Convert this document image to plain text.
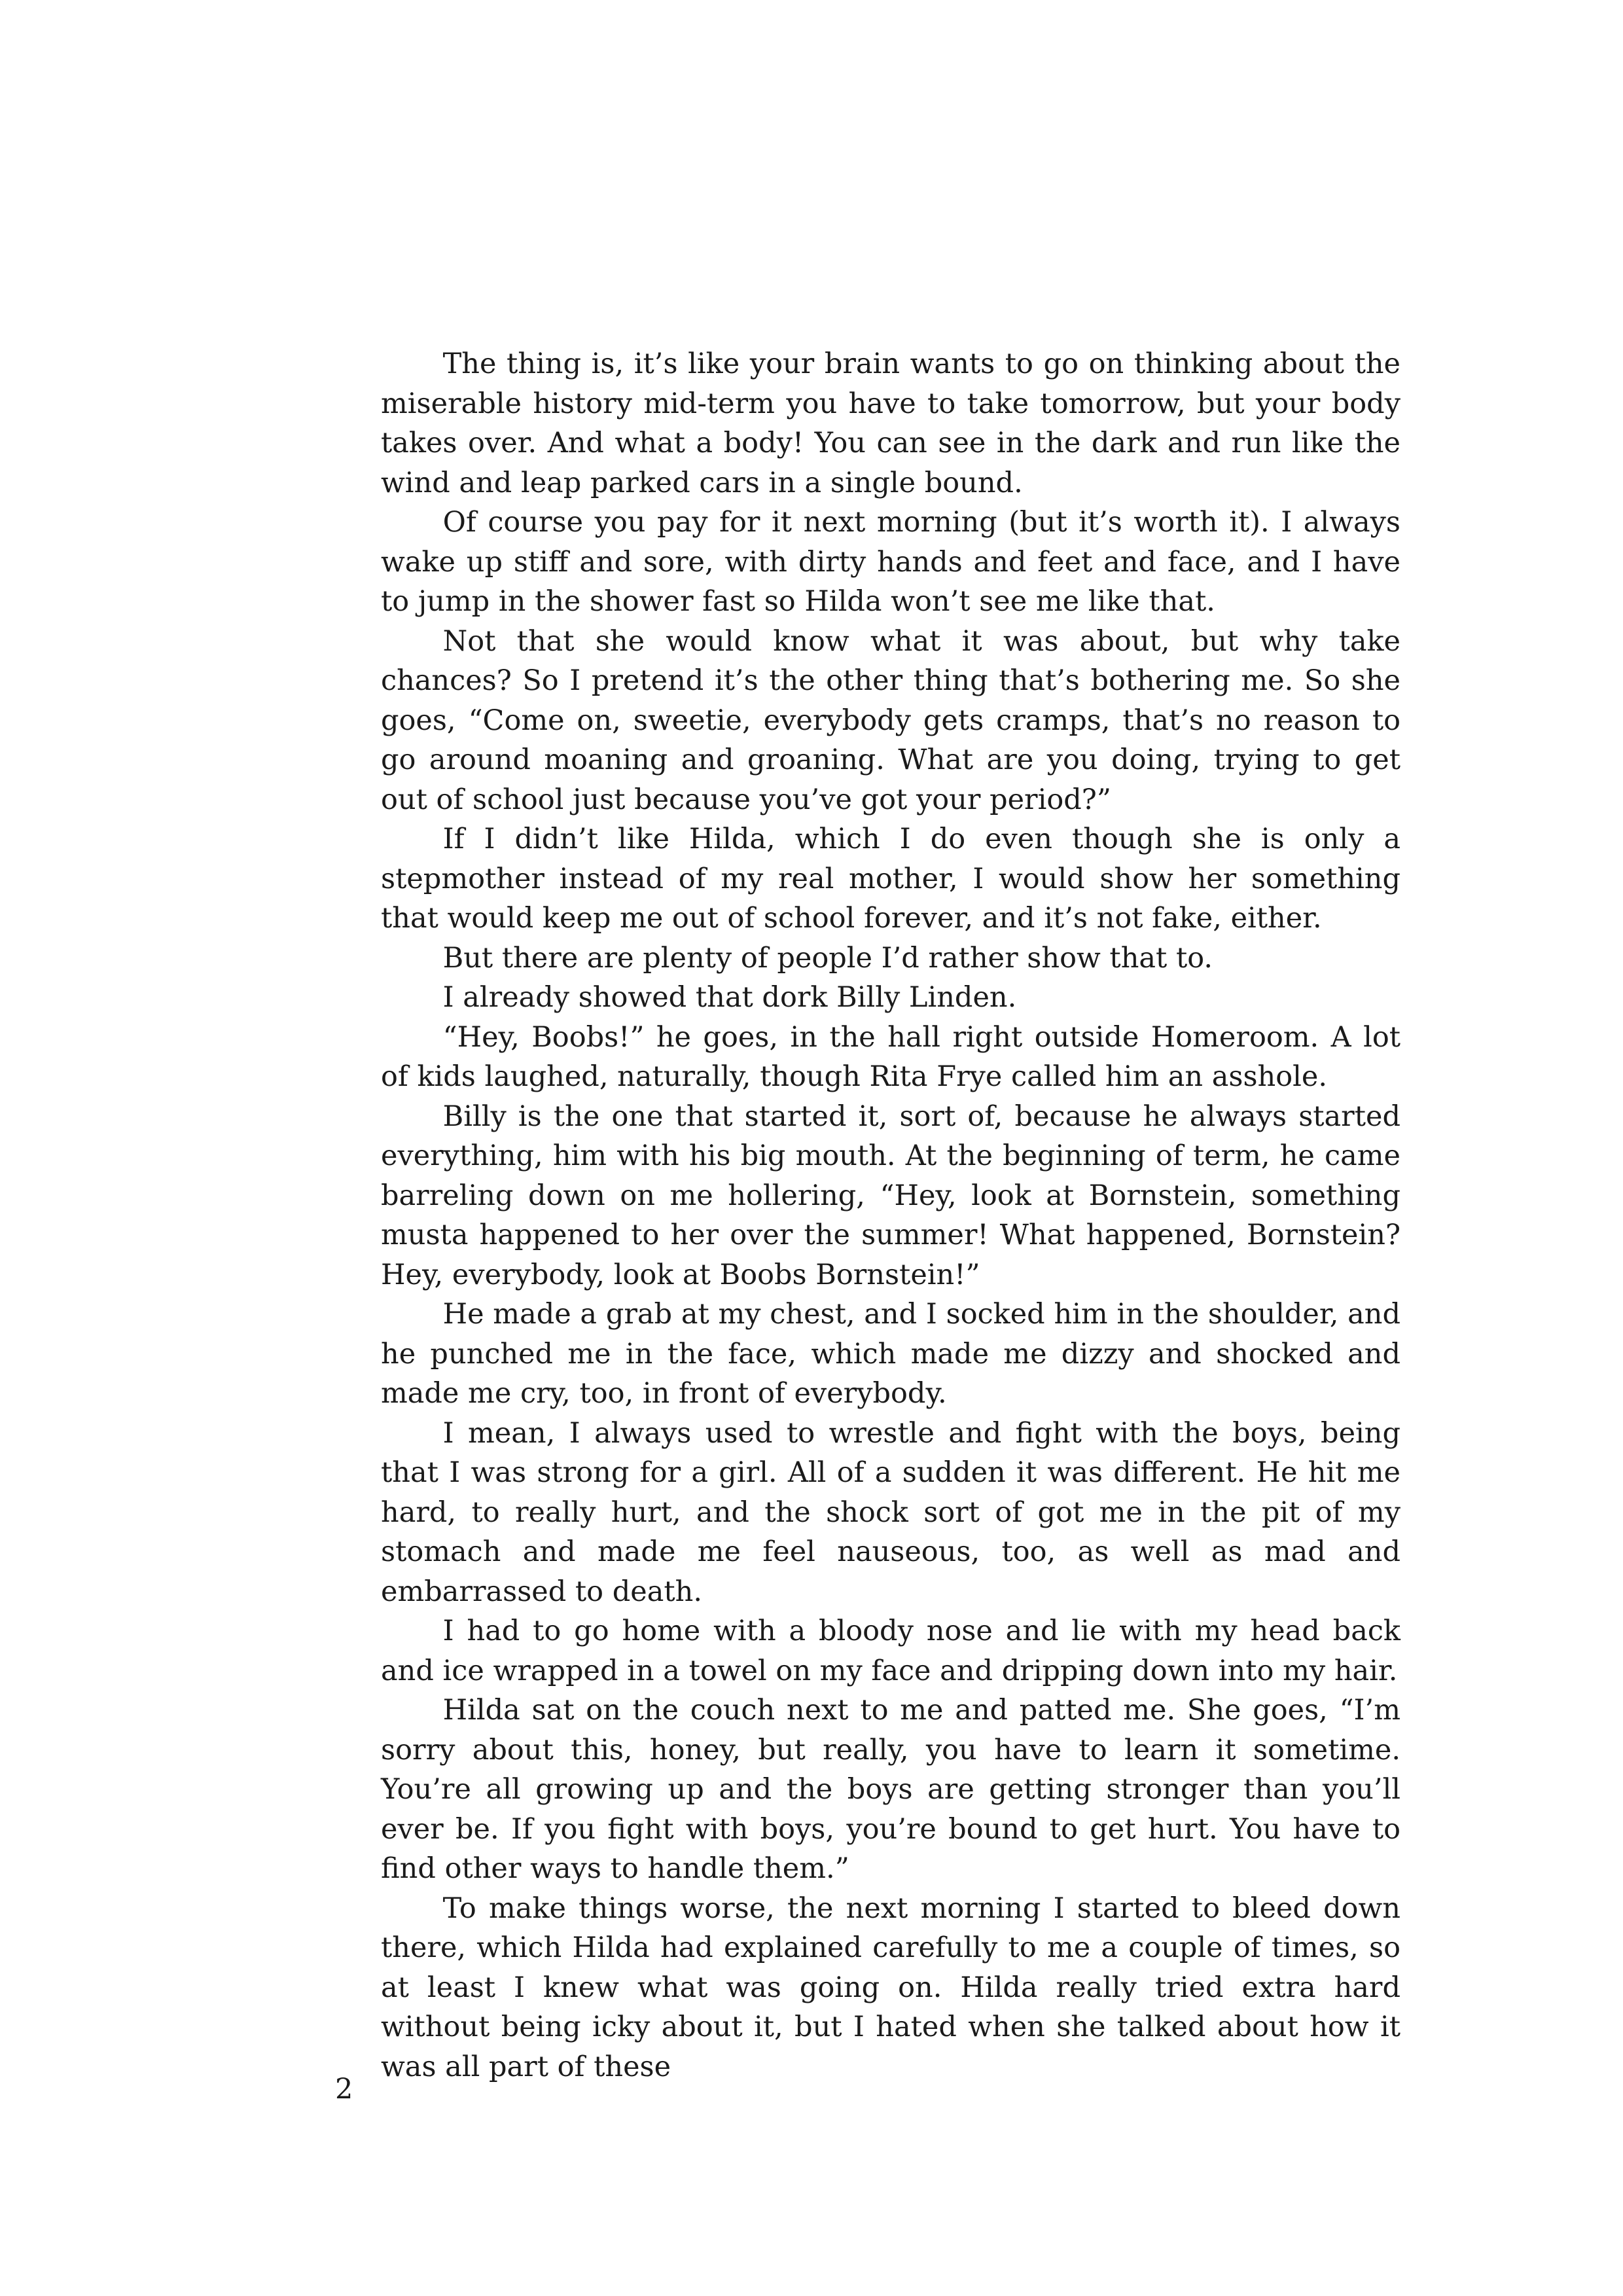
The thing is, it’s like your brain wants to go on thinking about the miserable history mid-term you have to take tomorrow, but your body takes over. And what a body! You can see in the dark and run like the wind and leap parked cars in a single bound.

Of course you pay for it next morning (but it’s worth it). I always wake up stiff and sore, with dirty hands and feet and face, and I have to jump in the shower fast so Hilda won’t see me like that.

Not that she would know what it was about, but why take chances? So I pretend it’s the other thing that’s bothering me. So she goes, “Come on, sweetie, everybody gets cramps, that’s no reason to go around moaning and groaning. What are you doing, trying to get out of school just because you’ve got your period?”

If I didn’t like Hilda, which I do even though she is only a stepmother instead of my real mother, I would show her something that would keep me out of school forever, and it’s not fake, either.

But there are plenty of people I’d rather show that to.

I already showed that dork Billy Linden.

“Hey, Boobs!” he goes, in the hall right outside Homeroom. A lot of kids laughed, naturally, though Rita Frye called him an asshole.

Billy is the one that started it, sort of, because he always started everything, him with his big mouth. At the beginning of term, he came barreling down on me hollering, “Hey, look at Bornstein, something musta happened to her over the summer! What happened, Bornstein? Hey, everybody, look at Boobs Bornstein!”

He made a grab at my chest, and I socked him in the shoulder, and he punched me in the face, which made me dizzy and shocked and made me cry, too, in front of everybody.

I mean, I always used to wrestle and fight with the boys, being that I was strong for a girl. All of a sudden it was different. He hit me hard, to really hurt, and the shock sort of got me in the pit of my stomach and made me feel nauseous, too, as well as mad and embarrassed to death.

I had to go home with a bloody nose and lie with my head back and ice wrapped in a towel on my face and dripping down into my hair.

Hilda sat on the couch next to me and patted me. She goes, “I’m sorry about this, honey, but really, you have to learn it sometime. You’re all growing up and the boys are getting stronger than you’ll ever be. If you fight with boys, you’re bound to get hurt. You have to find other ways to handle them.”

To make things worse, the next morning I started to bleed down there, which Hilda had explained carefully to me a couple of times, so at least I knew what was going on. Hilda really tried extra hard without being icky about it, but I hated when she talked about how it was all part of these

2
